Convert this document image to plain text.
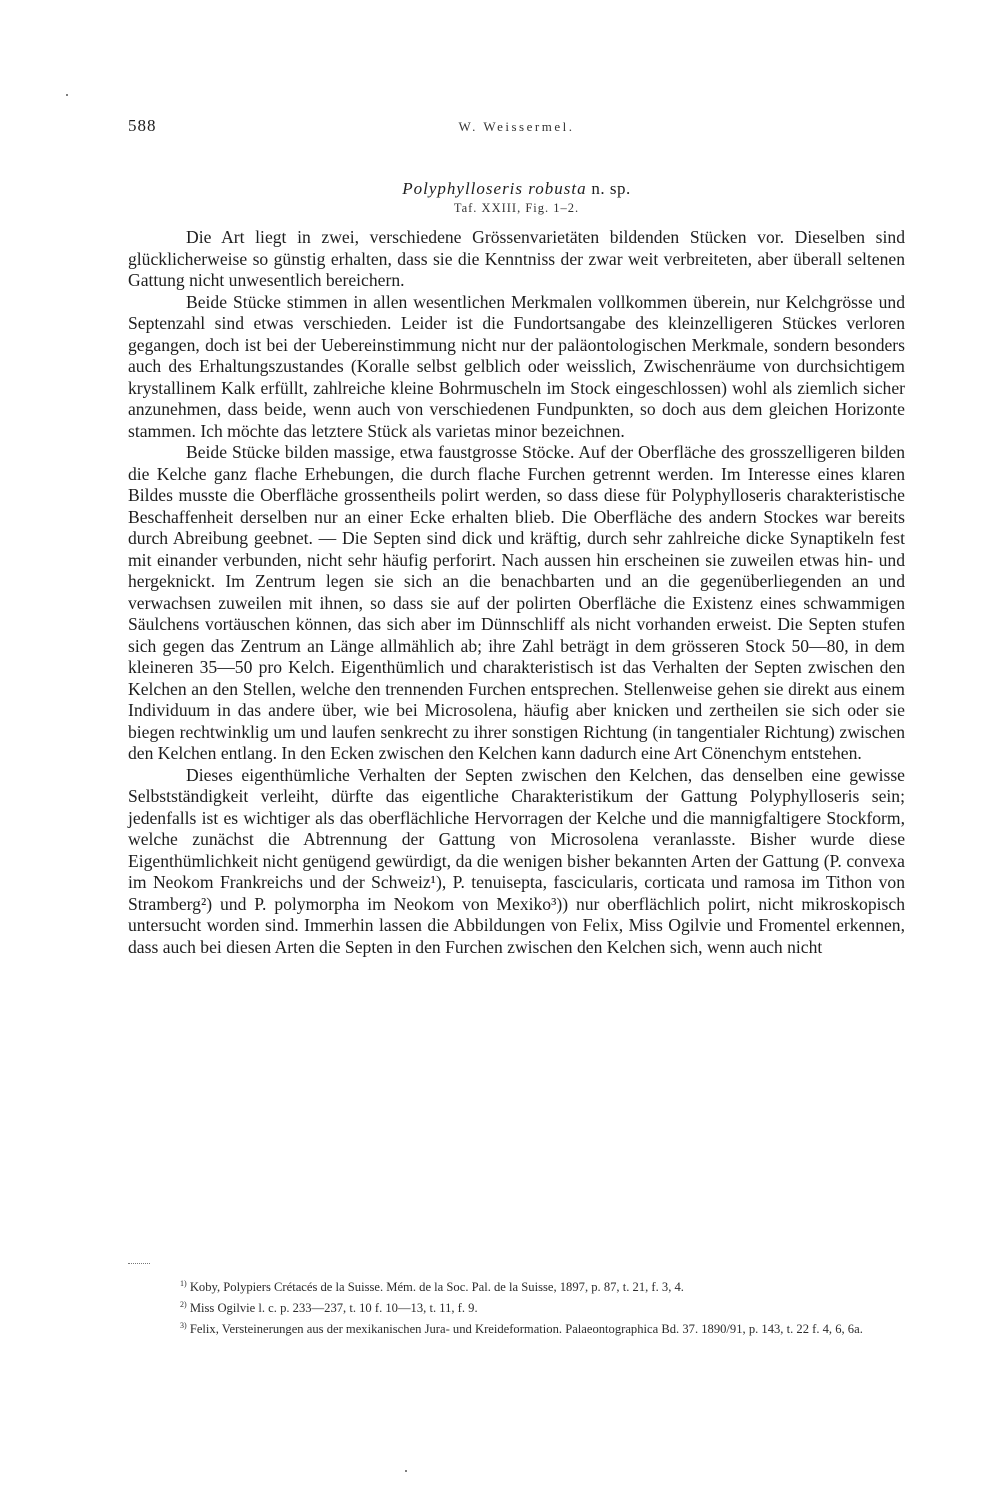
588	W. Weissermel.
Polyphylloseris robusta n. sp.
Taf. XXIII, Fig. 1–2.

Die Art liegt in zwei, verschiedene Grössenvarietäten bildenden Stücken vor. Dieselben sind glücklicherweise so günstig erhalten, dass sie die Kenntniss der zwar weit verbreiteten, aber überall seltenen Gattung nicht unwesentlich bereichern.

Beide Stücke stimmen in allen wesentlichen Merkmalen vollkommen überein, nur Kelchgrösse und Septenzahl sind etwas verschieden. Leider ist die Fundortsangabe des kleinzelligeren Stückes verloren gegangen, doch ist bei der Uebereinstimmung nicht nur der paläontologischen Merkmale, sondern besonders auch des Erhaltungszustandes (Koralle selbst gelblich oder weisslich, Zwischenräume von durchsichtigem krystallinem Kalk erfüllt, zahlreiche kleine Bohrmuscheln im Stock eingeschlossen) wohl als ziemlich sicher anzunehmen, dass beide, wenn auch von verschiedenen Fundpunkten, so doch aus dem gleichen Horizonte stammen. Ich möchte das letztere Stück als varietas minor bezeichnen.

Beide Stücke bilden massige, etwa faustgrosse Stöcke. Auf der Oberfläche des grosszelligeren bilden die Kelche ganz flache Erhebungen, die durch flache Furchen getrennt werden. Im Interesse eines klaren Bildes musste die Oberfläche grossentheils polirt werden, so dass diese für Polyphylloseris charakteristische Beschaffenheit derselben nur an einer Ecke erhalten blieb. Die Oberfläche des andern Stockes war bereits durch Abreibung geebnet. — Die Septen sind dick und kräftig, durch sehr zahlreiche dicke Synaptikeln fest mit einander verbunden, nicht sehr häufig perforirt. Nach aussen hin erscheinen sie zuweilen etwas hin- und hergeknickt. Im Zentrum legen sie sich an die benachbarten und an die gegenüberliegenden an und verwachsen zuweilen mit ihnen, so dass sie auf der polirten Oberfläche die Existenz eines schwammigen Säulchens vortäuschen können, das sich aber im Dünnschliff als nicht vorhanden erweist. Die Septen stufen sich gegen das Zentrum an Länge allmählich ab; ihre Zahl beträgt in dem grösseren Stock 50—80, in dem kleineren 35—50 pro Kelch. Eigenthümlich und charakteristisch ist das Verhalten der Septen zwischen den Kelchen an den Stellen, welche den trennenden Furchen entsprechen. Stellenweise gehen sie direkt aus einem Individuum in das andere über, wie bei Microsolena, häufig aber knicken und zertheilen sie sich oder sie biegen rechtwinklig um und laufen senkrecht zu ihrer sonstigen Richtung (in tangentialer Richtung) zwischen den Kelchen entlang. In den Ecken zwischen den Kelchen kann dadurch eine Art Cönenchym entstehen.

Dieses eigenthümliche Verhalten der Septen zwischen den Kelchen, das denselben eine gewisse Selbstständigkeit verleiht, dürfte das eigentliche Charakteristikum der Gattung Polyphylloseris sein; jedenfalls ist es wichtiger als das oberflächliche Hervorragen der Kelche und die mannigfaltigere Stockform, welche zunächst die Abtrennung der Gattung von Microsolena veranlasste. Bisher wurde diese Eigenthümlichkeit nicht genügend gewürdigt, da die wenigen bisher bekannten Arten der Gattung (P. convexa im Neokom Frankreichs und der Schweiz¹), P. tenuisepta, fascicularis, corticata und ramosa im Tithon von Stramberg²) und P. polymorpha im Neokom von Mexiko³)) nur oberflächlich polirt, nicht mikroskopisch untersucht worden sind. Immerhin lassen die Abbildungen von Felix, Miss Ogilvie und Fromentel erkennen, dass auch bei diesen Arten die Septen in den Furchen zwischen den Kelchen sich, wenn auch nicht

$^{1)}$ Koby, Polypiers Crétacés de la Suisse. Mém. de la Soc. Pal. de la Suisse, 1897, p. 87, t. 21, f. 3, 4.

$^{2)}$ Miss Ogilvie l. c. p. 233—237, t. 10 f. 10—13, t. 11, f. 9.

$^{3)}$ Felix, Versteinerungen aus der mexikanischen Jura- und Kreideformation. Palaeontographica Bd. 37. 1890/91, p. 143, t. 22 f. 4, 6, 6a.
